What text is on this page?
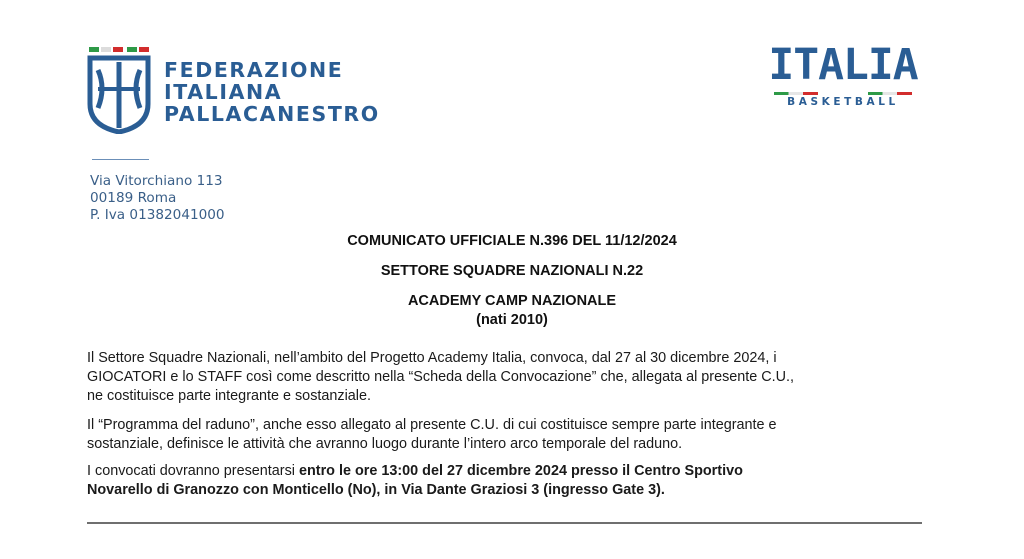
FEDERAZIONE
ITALIANA
PALLACANESTRO
ITALIA
BASKETBALL
Via Vitorchiano 113
00189 Roma
P. Iva 01382041000
COMUNICATO UFFICIALE N.396 DEL 11/12/2024
SETTORE SQUADRE NAZIONALI N.22
ACADEMY CAMP NAZIONALE
(nati 2010)
Il Settore Squadre Nazionali, nell’ambito del Progetto Academy Italia, convoca, dal 27 al 30 dicembre 2024, i
GIOCATORI e lo STAFF così come descritto nella “Scheda della Convocazione” che, allegata al presente C.U.,
ne costituisce parte integrante e sostanziale.
Il “Programma del raduno”, anche esso allegato al presente C.U. di cui costituisce sempre parte integrante e
sostanziale, definisce le attività che avranno luogo durante l’intero arco temporale del raduno.
I convocati dovranno presentarsi entro le ore 13:00 del 27 dicembre 2024 presso il Centro Sportivo
Novarello di Granozzo con Monticello (No), in Via Dante Graziosi 3 (ingresso Gate 3).
